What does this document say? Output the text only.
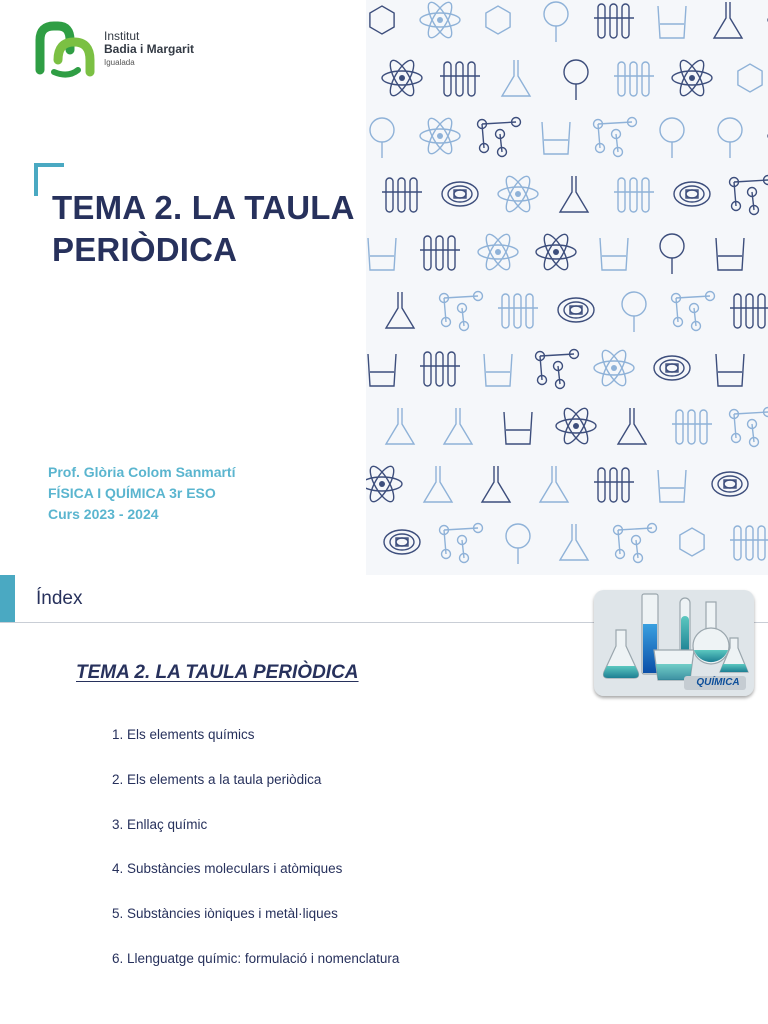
Institut
Badia i Margarit
Igualada
TEMA 2. LA TAULA
PERIÒDICA
Prof. Glòria Colom Sanmartí
FÍSICA I QUÍMICA 3r ESO
Curs 2023 - 2024
Índex
QUÍMICA
TEMA 2. LA TAULA PERIÒDICA
1. Els elements químics
2. Els elements a la taula periòdica
3. Enllaç químic
4. Substàncies moleculars i atòmiques
5. Substàncies iòniques i metàl·liques
6. Llenguatge químic: formulació i nomenclatura
